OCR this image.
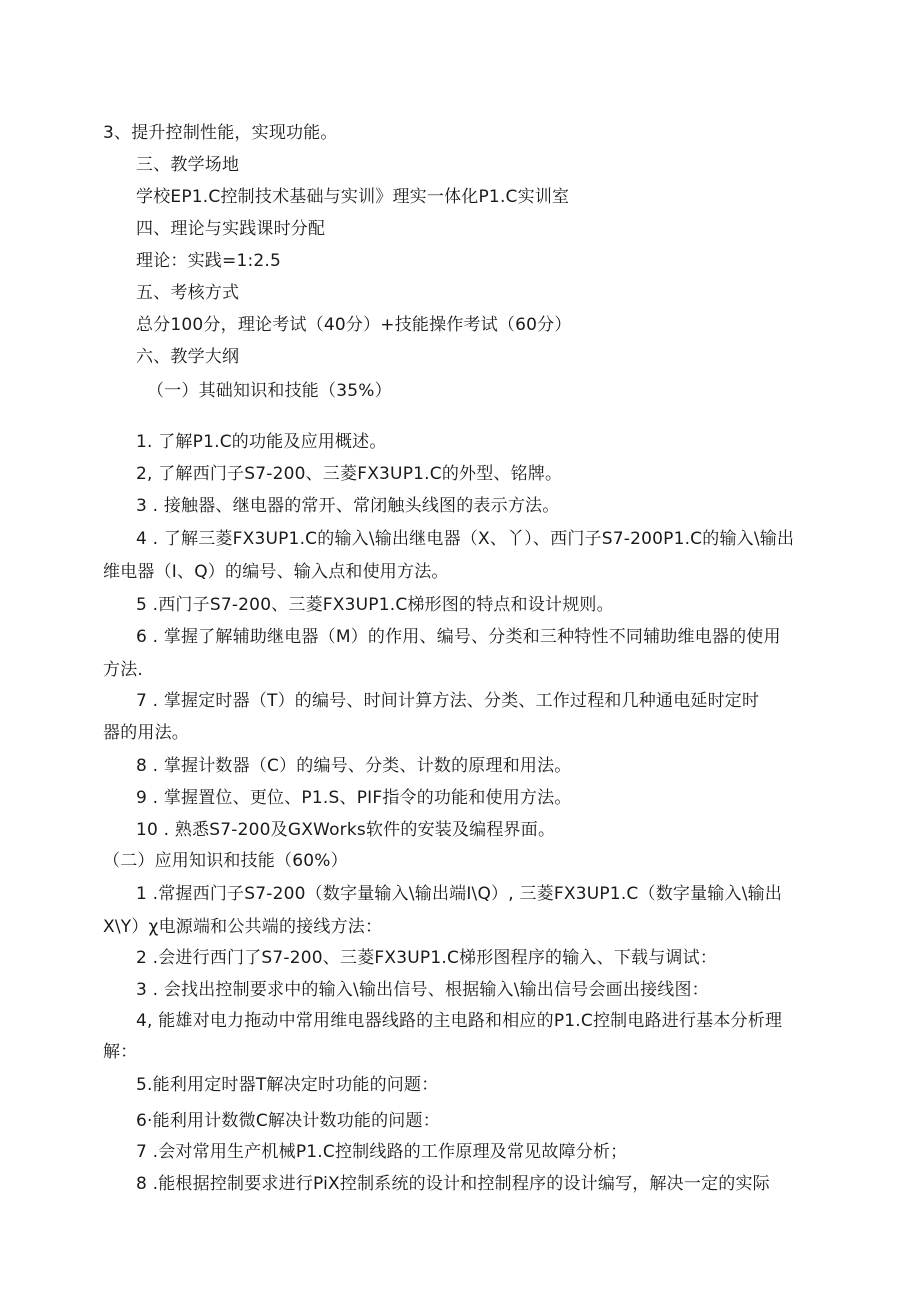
3、提升控制性能，实现功能。
三、教学场地
学校EP1.C控制技术基础与实训》理实一体化P1.C实训室
四、理论与实践课时分配
理论：实践=1:2.5
五、考核方式
总分100分，理论考试（40分）+技能操作考试（60分）
六、教学大纲
（一）其础知识和技能（35%）
1. 了解P1.C的功能及应用概述。
2, 了解西门子S7-200、三菱FX3UP1.C的外型、铭牌。
3 . 接触器、继电器的常开、常闭触头线图的表示方法。
4 . 了解三菱FX3UP1.C的输入\输出继电器（X、丫）、西门子S7-200P1.C的输入\输出
维电器（I、Q）的编号、输入点和使用方法。
5 .西门子S7-200、三菱FX3UP1.C梯形图的特点和设计规则。
6 . 掌握了解辅助继电器（M）的作用、编号、分类和三种特性不同辅助维电器的使用
方法.
7 . 掌握定时器（T）的编号、时间计算方法、分类、工作过程和几种通电延时定时
器的用法。
8 . 掌握计数器（C）的编号、分类、计数的原理和用法。
9 . 掌握置位、更位、P1.S、PIF指令的功能和使用方法。
10 . 熟悉S7-200及GXWorks软件的安装及编程界面。
（二）应用知识和技能（60%）
1 .常握西门子S7-200（数字量输入\输出端I\Q）, 三菱FX3UP1.C（数字量输入\输出
X\Y）χ电源端和公共端的接线方法：
2 .会进行西门了S7-200、三菱FX3UP1.C梯形图程序的输入、下载与调试：
3 . 会找出控制要求中的输入\输出信号、根据输入\输出信号会画出接线图：
4, 能雄对电力拖动中常用维电器线路的主电路和相应的P1.C控制电路进行基本分析理
解：
5.能利用定时器T解决定时功能的问题：
6·能利用计数微C解决计数功能的问题：
7 .会对常用生产机械P1.C控制线路的工作原理及常见故障分析；
8 .能根据控制要求进行PiX控制系统的设计和控制程序的设计编写，解决一定的实际
